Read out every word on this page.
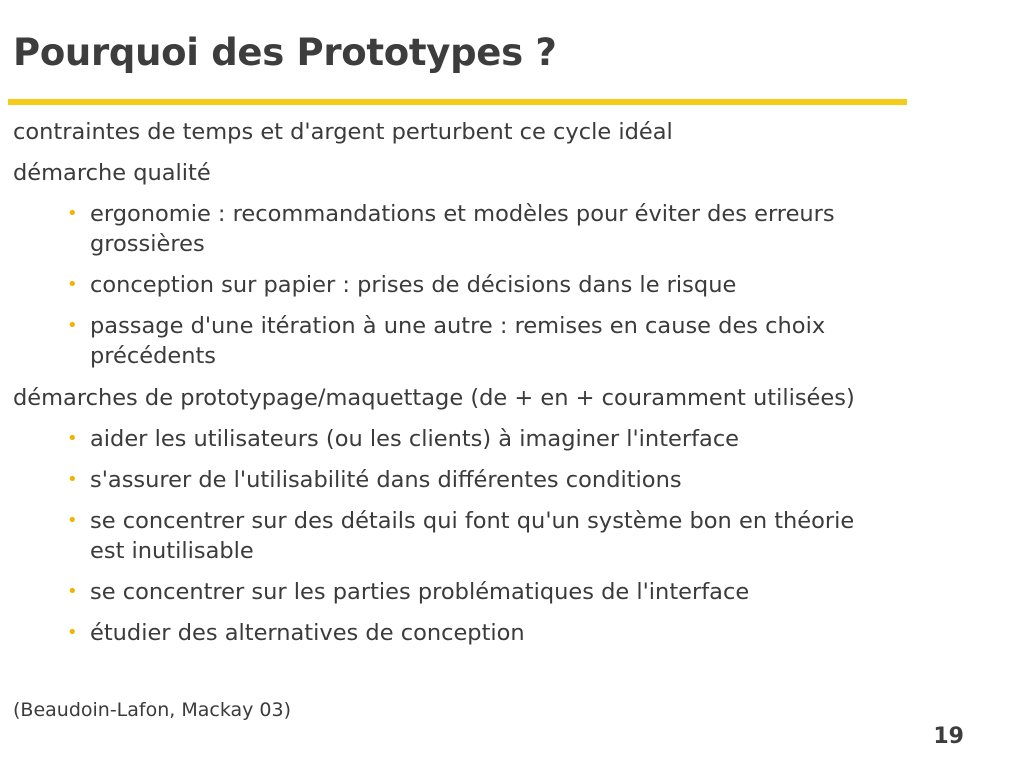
Pourquoi des Prototypes ?

contraintes de temps et d'argent perturbent ce cycle idéal

démarche qualité

• ergonomie : recommandations et modèles pour éviter des erreurs

grossières

• conception sur papier : prises de décisions dans le risque

• passage d'une itération à une autre : remises en cause des choix

précédents

démarches de prototypage/maquettage (de + en + couramment utilisées)

• aider les utilisateurs (ou les clients) à imaginer l'interface

• s'assurer de l'utilisabilité dans différentes conditions

• se concentrer sur des détails qui font qu'un système bon en théorie

est inutilisable

• se concentrer sur les parties problématiques de l'interface

• étudier des alternatives de conception

(Beaudoin-Lafon, Mackay 03)
19
